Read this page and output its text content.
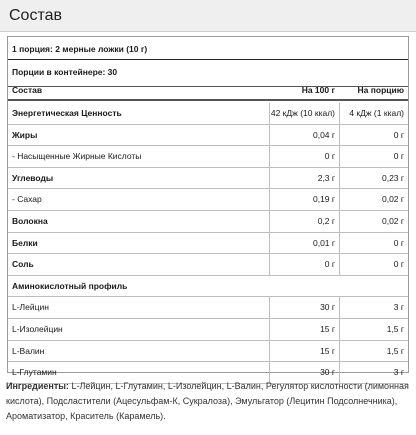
Состав
1 порция: 2 мерные ложки (10 г)
Порции в контейнере: 30
Состав	На 100 г	На порцию
Энергетическая Ценность	42 кДж (10 ккал)	4 кДж (1 ккал)
Жиры	0,04 г	0 г
- Насыщенные Жирные Кислоты	0 г	0 г
Углеводы	2,3 г	0,23 г
- Сахар	0,19 г	0,02 г
Волокна	0,2 г	0,02 г
Белки	0,01 г	0 г
Соль	0 г	0 г
Аминокислотный профиль
L-Лейцин	30 г	3 г
L-Изолейцин	15 г	1,5 г
L-Валин	15 г	1,5 г
L-Глутамин	30 г	3 г
Ингредиенты: L-Лейцин, L-Глутамин, L-Изолейцин, L-Валин, Регулятор кислотности (лимонная кислота), Подсластители (Ацесульфам-К, Сукралоза), Эмульгатор (Лецитин Подсолнечника), Ароматизатор, Краситель (Карамель).
